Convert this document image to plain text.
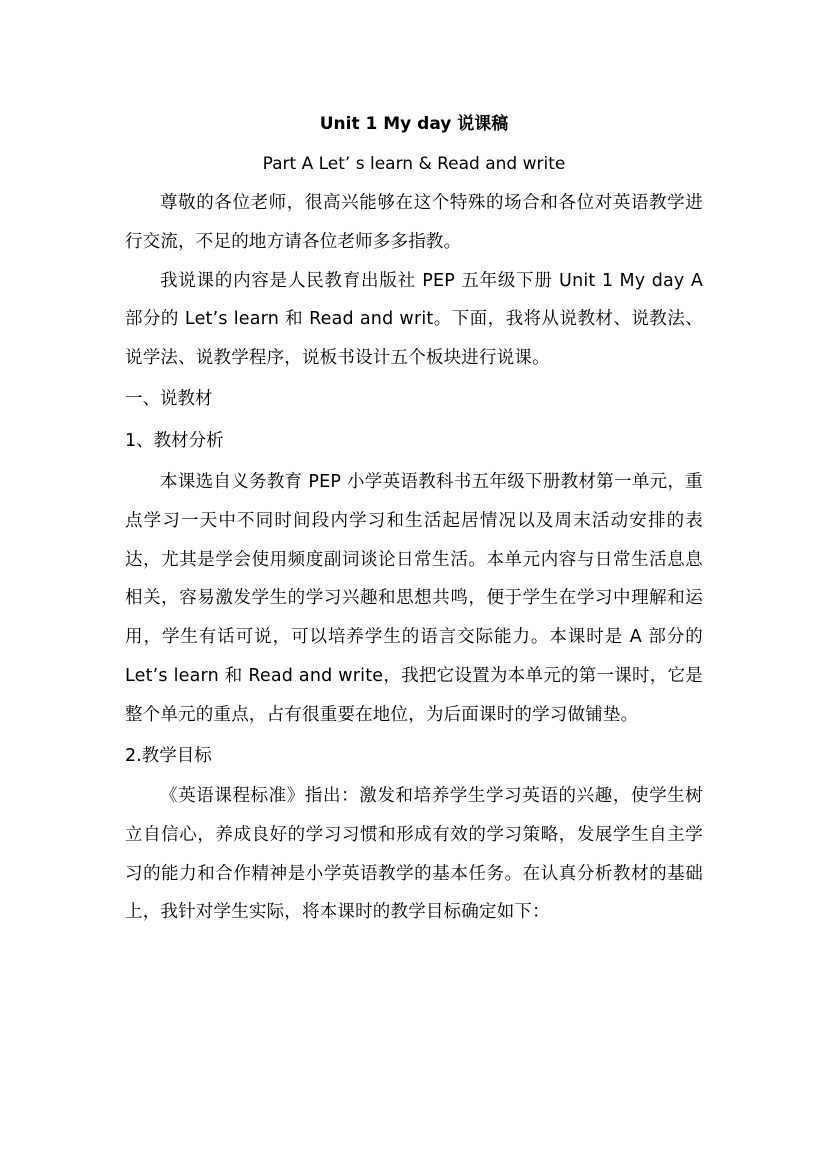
Unit 1 My day 说课稿

Part A Let’ s learn & Read and write

尊敬的各位老师，很高兴能够在这个特殊的场合和各位对英语教学进行交流，不足的地方请各位老师多多指教。

我说课的内容是人民教育出版社 PEP 五年级下册 Unit 1 My day A 部分的 Let’s learn 和 Read and writ。下面，我将从说教材、说教法、说学法、说教学程序，说板书设计五个板块进行说课。

一、说教材

1、教材分析

本课选自义务教育 PEP 小学英语教科书五年级下册教材第一单元，重点学习一天中不同时间段内学习和生活起居情况以及周末活动安排的表达，尤其是学会使用频度副词谈论日常生活。本单元内容与日常生活息息相关，容易激发学生的学习兴趣和思想共鸣，便于学生在学习中理解和运用，学生有话可说，可以培养学生的语言交际能力。本课时是 A 部分的 Let’s learn 和 Read and write，我把它设置为本单元的第一课时，它是整个单元的重点，占有很重要在地位，为后面课时的学习做铺垫。

2.教学目标

《英语课程标准》指出：激发和培养学生学习英语的兴趣，使学生树立自信心，养成良好的学习习惯和形成有效的学习策略，发展学生自主学习的能力和合作精神是小学英语教学的基本任务。在认真分析教材的基础上，我针对学生实际，将本课时的教学目标确定如下：
